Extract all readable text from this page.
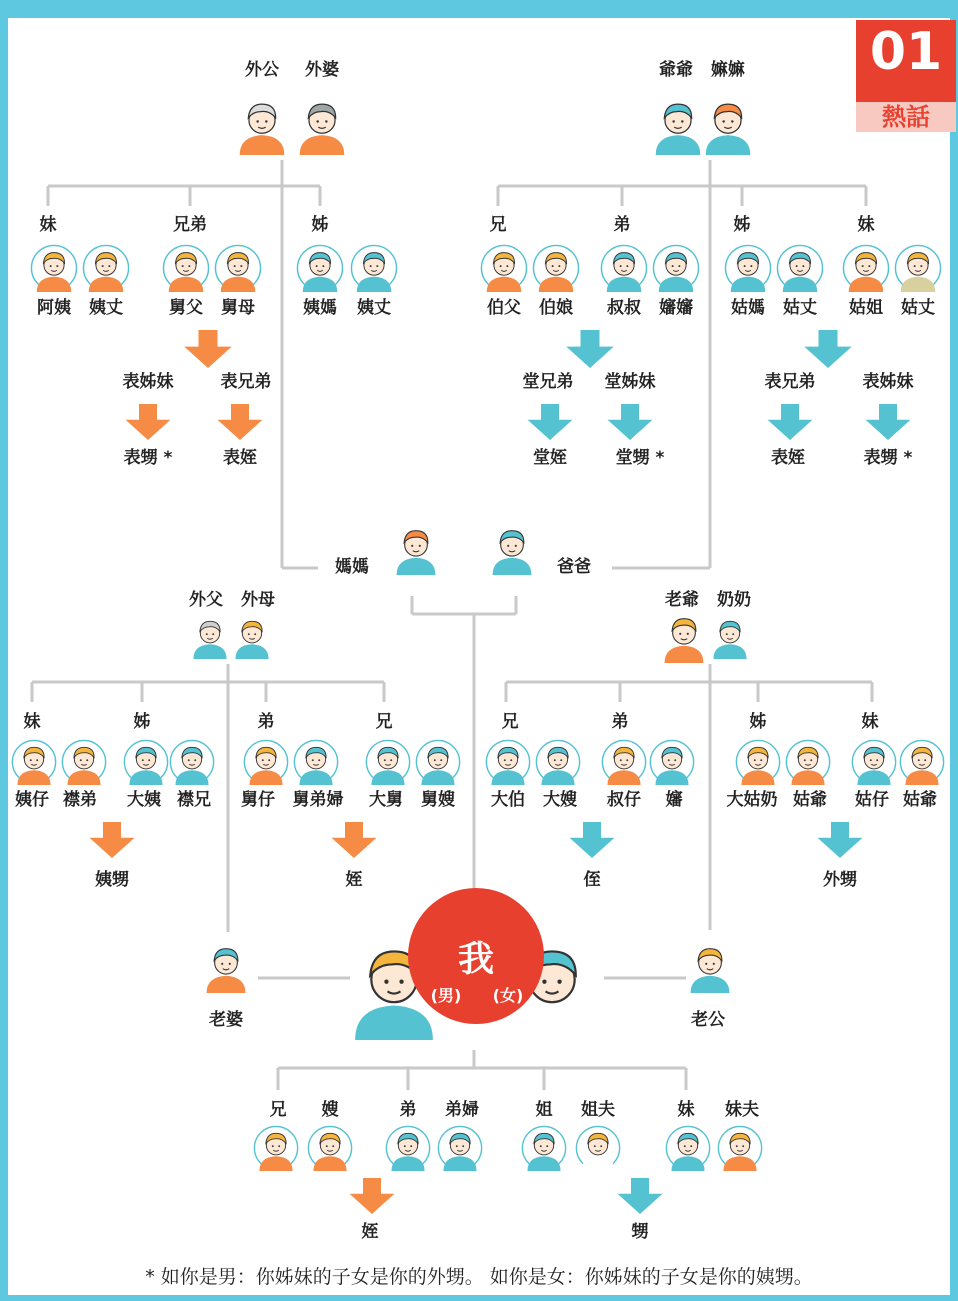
01
熱話
外公 外婆	爺爺 嫲嫲
妹	兄弟	姊
阿姨 姨丈	舅父 舅母	姨媽 姨丈
表姊妹	表兄弟
表甥 *	表姪
兄	弟	姊	妹
伯父 伯娘 叔叔 嬸嬸 姑媽 姑丈 姑姐 姑丈
堂兄弟 堂姊妹
堂姪	堂甥 *
表兄弟	表姊妹
表姪	表甥 *
媽媽	爸爸
外父 外母	老爺 奶奶
妹	姊	弟	兄
姨仔 襟弟 大姨 襟兄 舅仔 舅弟婦 大舅 舅嫂
姨甥	姪
兄	弟	姊	妹
大伯 大嫂 叔仔 嬸	大姑奶 姑爺 姑仔 姑爺
侄	外甥
我
(男) (女)
老婆	老公
兄 嫂	弟 弟婦	姐 姐夫	妹 妹夫
姪	甥
* 如你是男：你姊妹的子女是你的外甥。 如你是女：你姊妹的子女是你的姨甥。
